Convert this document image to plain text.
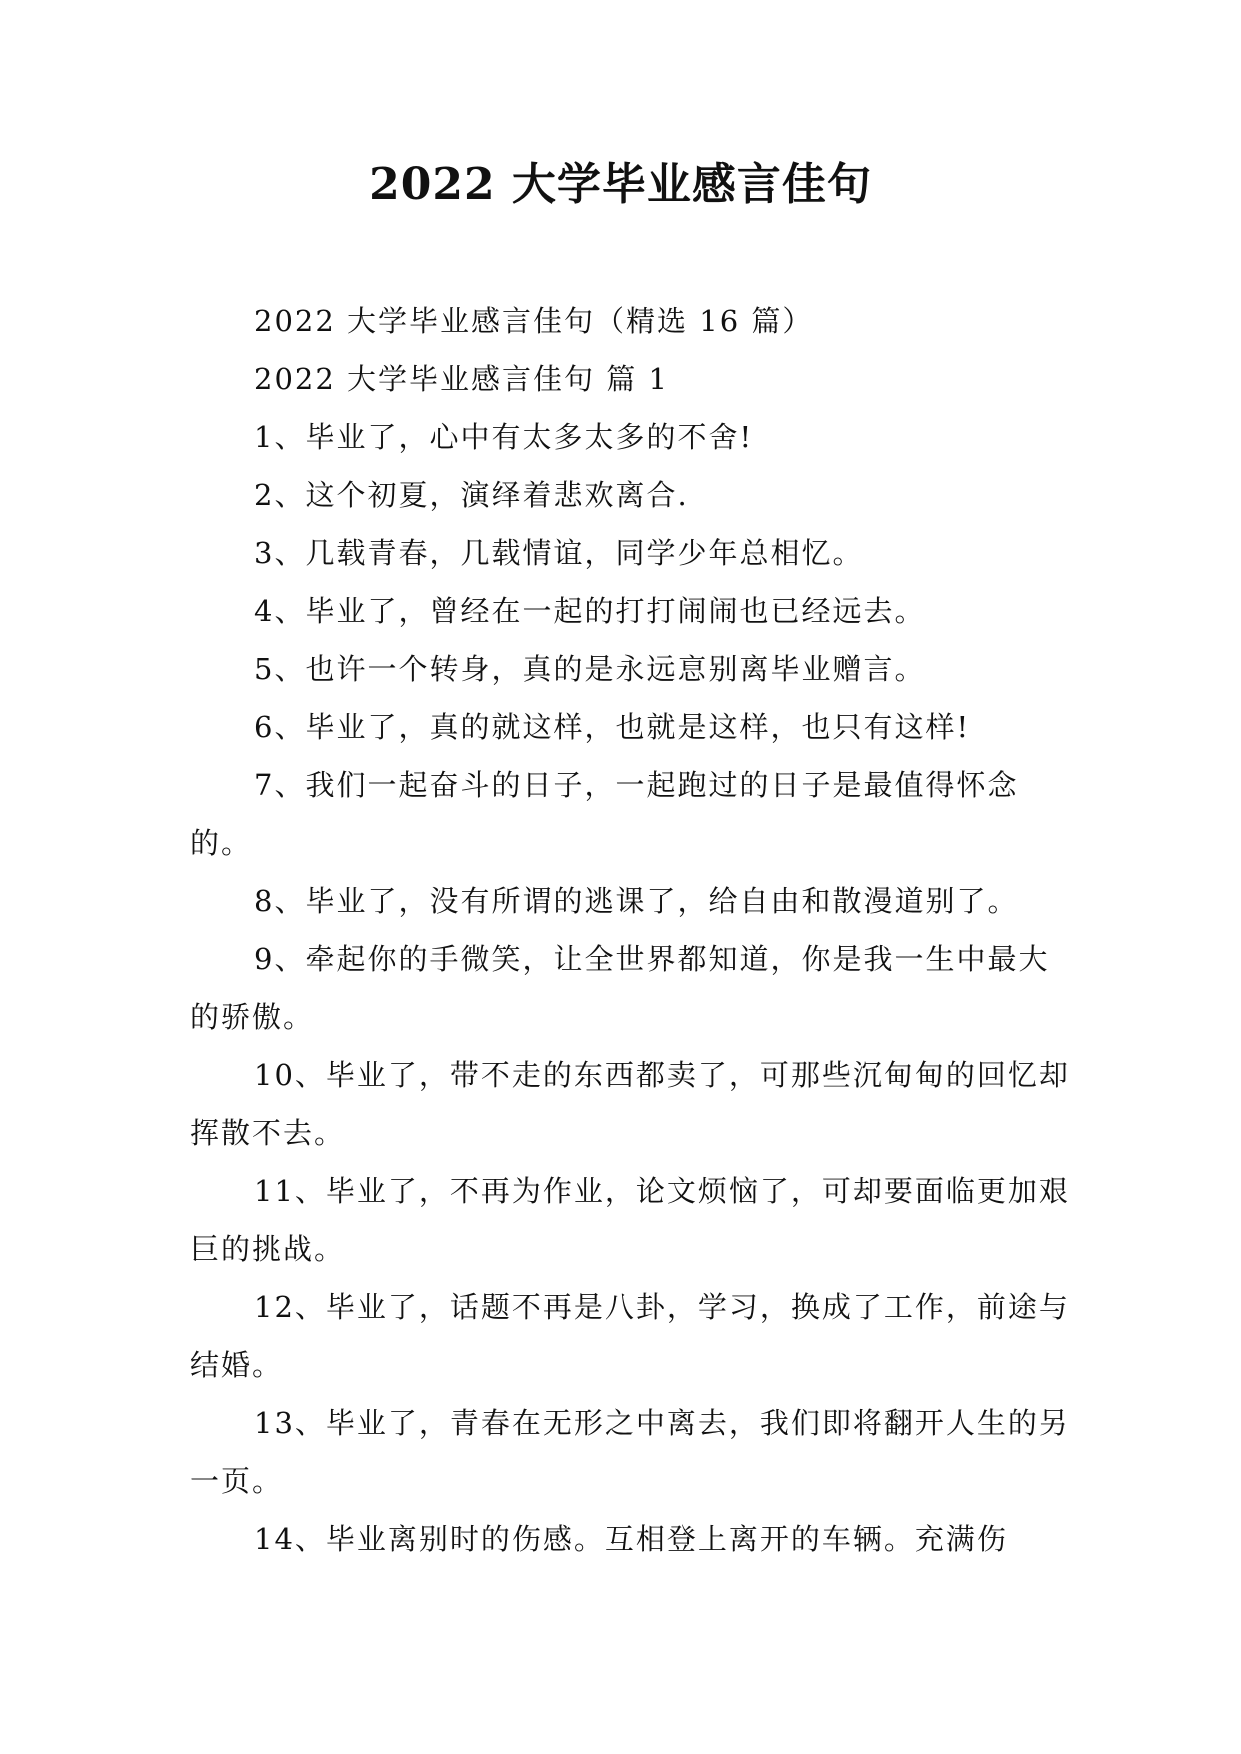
2022 大学毕业感言佳句

2022 大学毕业感言佳句（精选 16 篇）

2022 大学毕业感言佳句 篇 1

1、毕业了，心中有太多太多的不舍!

2、这个初夏，演绎着悲欢离合.

3、几载青春，几载情谊，同学少年总相忆。

4、毕业了，曾经在一起的打打闹闹也已经远去。

5、也许一个转身，真的是永远恴别离毕业赠言。

6、毕业了，真的就这样，也就是这样，也只有这样!

7、我们一起奋斗的日子，一起跑过的日子是最值得怀念的。

8、毕业了，没有所谓的逃课了，给自由和散漫道别了。

9、牵起你的手微笑，让全世界都知道，你是我一生中最大的骄傲。

10、毕业了，带不走的东西都卖了，可那些沉甸甸的回忆却挥散不去。

11、毕业了，不再为作业，论文烦恼了，可却要面临更加艰巨的挑战。

12、毕业了，话题不再是八卦，学习，换成了工作，前途与结婚。

13、毕业了，青春在无形之中离去，我们即将翻开人生的另一页。

14、毕业离别时的伤感。互相登上离开的车辆。充满伤
